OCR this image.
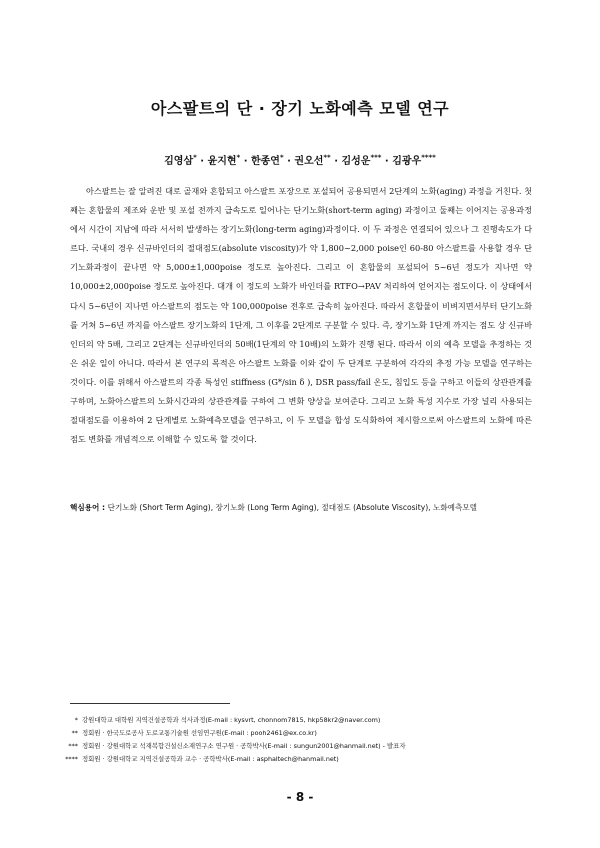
아스팔트의 단 · 장기 노화예측 모델 연구
김영삼* · 윤지현* · 한종연* · 권오선** · 김성운*** · 김광우****

아스팔트는 잘 알려진 대로 골재와 혼합되고 아스팔트 포장으로 포설되어 공용되면서 2단계의 노화(aging) 과정을 거친다. 첫째는 혼합물의 제조와 운반 및 포설 전까지 급속도로 일어나는 단기노화(short-term aging) 과정이고 둘째는 이어지는 공용과정에서 시간이 지남에 따라 서서히 발생하는 장기노화(long-term aging)과정이다. 이 두 과정은 연결되어 있으나 그 진행속도가 다르다. 국내의 경우 신규바인더의 절대점도(absolute viscosity)가 약 1,800~2,000 poise인 60-80 아스팔트를 사용할 경우 단기노화과정이 끝나면 약 5,000±1,000poise 정도로 높아진다. 그리고 이 혼합물의 포설되어 5~6년 정도가 지나면 약 10,000±2,000poise 정도로 높아진다. 대개 이 정도의 노화가 바인더를 RTFO→PAV 처리하여 얻어지는 점도이다. 이 상태에서 다시 5~6년이 지나면 아스팔트의 점도는 약 100,000poise 전후로 급속히 높아진다. 따라서 혼합물이 비벼지면서부터 단기노화를 거쳐 5~6년 까지를 아스팔트 장기노화의 1단계, 그 이후를 2단계로 구분할 수 있다. 즉, 장기노화 1단계 까지는 점도 상 신규바인더의 약 5배, 그리고 2단계는 신규바인더의 50배(1단계의 약 10배)의 노화가 진행 된다. 따라서 이의 예측 모델을 추정하는 것은 쉬운 일이 아니다. 따라서 본 연구의 목적은 아스팔트 노화를 이와 같이 두 단계로 구분하여 각각의 추정 가능 모델을 연구하는 것이다. 이를 위해서 아스팔트의 각종 특성인 stiffness (G*/sin δ ), DSR pass/fail 온도, 침입도 등을 구하고 이들의 상관관계를 구하며, 노화아스팔트의 노화시간과의 상관관계를 구하여 그 변화 양상을 보여준다. 그리고 노화 특성 지수로 가장 널리 사용되는 절대점도를 이용하여 2 단계별로 노화예측모델을 연구하고, 이 두 모델을 합성 도식화하여 제시함으로써 아스팔트의 노화에 따른 점도 변화를 개념적으로 이해할 수 있도록 할 것이다.

핵심용어 : 단기노화 (Short Term Aging), 장기노화 (Long Term Aging), 절대점도 (Absolute Viscosity), 노화예측모델
* 강원대학교 대학원 지역건설공학과 석사과정(E-mail : kysvrt, chonnom7815, hkp58kr2@naver.com)
** 정회원 · 한국도로공사 도로교통기술원 선임연구원(E-mail : pooh2461@ex.co.kr)
*** 정회원 · 강원대학교 석재복합건설신소재연구소 연구원 · 공학박사(E-mail : sungun2001@hanmail.net) - 발표자
**** 정회원 · 강원대학교 지역건설공학과 교수 · 공학박사(E-mail : asphaltech@hanmail.net)
- 8 -
